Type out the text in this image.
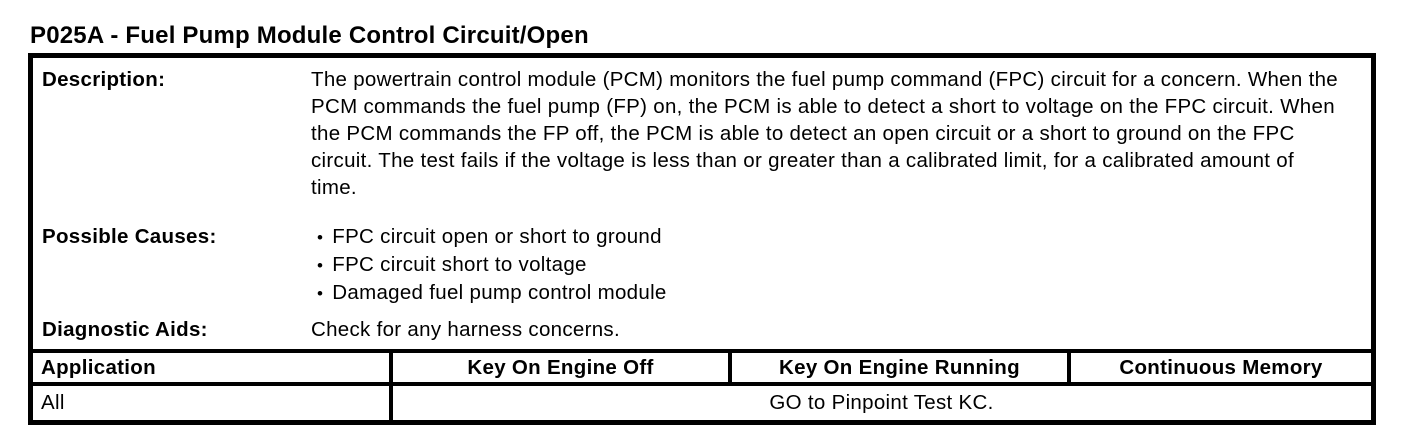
P025A - Fuel Pump Module Control Circuit/Open
Description:	The powertrain control module (PCM) monitors the fuel pump command (FPC) circuit for a concern. When the PCM commands the fuel pump (FP) on, the PCM is able to detect a short to voltage on the FPC circuit. When the PCM commands the FP off, the PCM is able to detect an open circuit or a short to ground on the FPC circuit. The test fails if the voltage is less than or greater than a calibrated limit, for a calibrated amount of time.
Possible Causes:	• FPC circuit open or short to ground
• FPC circuit short to voltage
• Damaged fuel pump control module
Diagnostic Aids:	Check for any harness concerns.
Application	Key On Engine Off	Key On Engine Running	Continuous Memory
All	GO to Pinpoint Test KC.		
